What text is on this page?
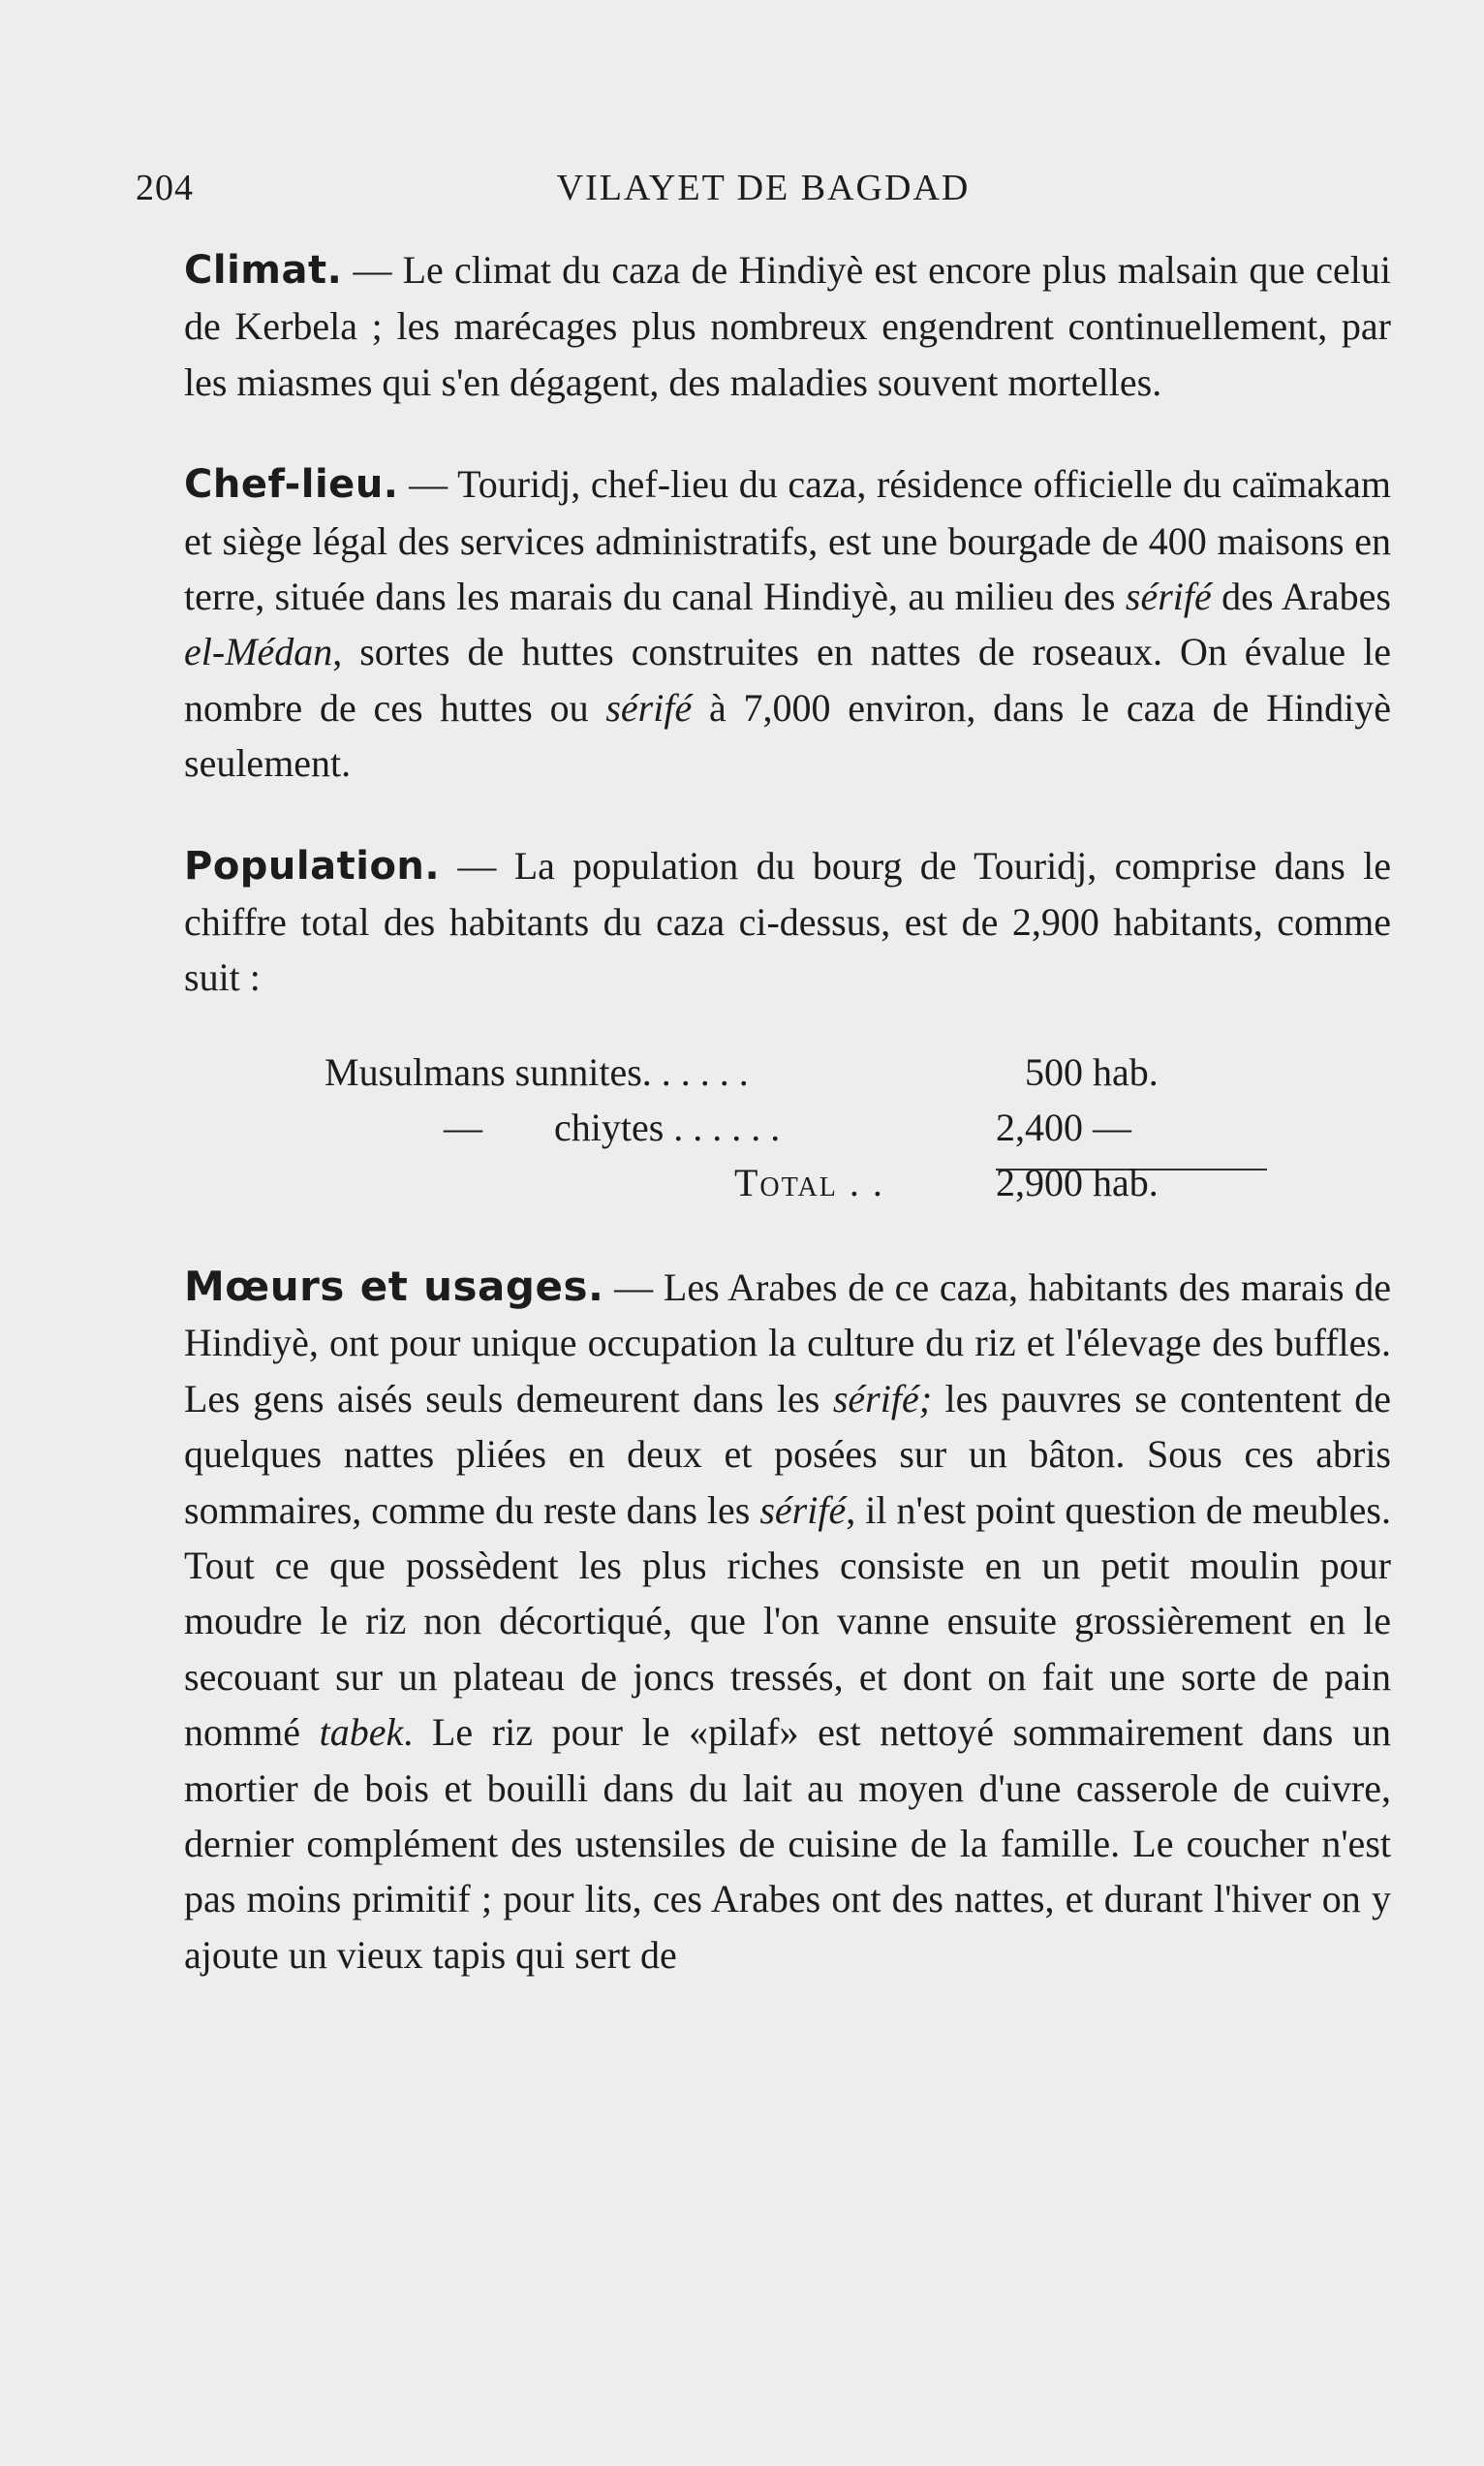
204	VILAYET DE BAGDAD

Climat. — Le climat du caza de Hindiyè est encore plus malsain que celui de Kerbela ; les marécages plus nombreux engendrent continuellement, par les miasmes qui s'en dégagent, des maladies souvent mortelles.

Chef-lieu. — Touridj, chef-lieu du caza, résidence officielle du caïmakam et siège légal des services administratifs, est une bourgade de 400 maisons en terre, située dans les marais du canal Hindiyè, au milieu des sérifé des Arabes el-Médan, sortes de huttes construites en nattes de roseaux. On évalue le nombre de ces huttes ou sérifé à 7,000 environ, dans le caza de Hindiyè seulement.

Population. — La population du bourg de Touridj, comprise dans le chiffre total des habitants du caza ci-dessus, est de 2,900 habitants, comme suit :

Musulmans sunnites. . . . . .	500 hab.
— chiytes . . . . . .	2,400 —
Total . .	2,900 hab.

Mœurs et usages. — Les Arabes de ce caza, habitants des marais de Hindiyè, ont pour unique occupation la culture du riz et l'élevage des buffles. Les gens aisés seuls demeurent dans les sérifé; les pauvres se contentent de quelques nattes pliées en deux et posées sur un bâton. Sous ces abris sommaires, comme du reste dans les sérifé, il n'est point question de meubles. Tout ce que possèdent les plus riches consiste en un petit moulin pour moudre le riz non décortiqué, que l'on vanne ensuite grossièrement en le secouant sur un plateau de joncs tressés, et dont on fait une sorte de pain nommé tabek. Le riz pour le «pilaf» est nettoyé sommairement dans un mortier de bois et bouilli dans du lait au moyen d'une casserole de cuivre, dernier complément des ustensiles de cuisine de la famille. Le coucher n'est pas moins primitif ; pour lits, ces Arabes ont des nattes, et durant l'hiver on y ajoute un vieux tapis qui sert de
